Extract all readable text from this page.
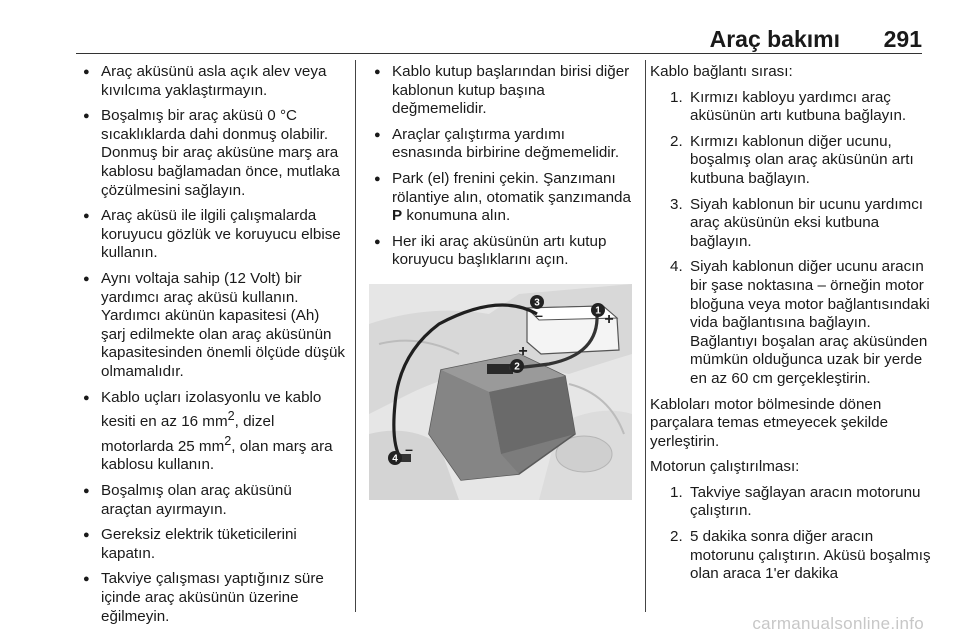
Araç bakımı 291
● Araç aküsünü asla açık alev veya kıvılcıma yaklaştırmayın.
● Boşalmış bir araç aküsü 0 °C sıcaklıklarda dahi donmuş olabilir. Donmuş bir araç aküsüne marş ara kablosu bağlamadan önce, mutlaka çözülmesini sağlayın.
● Araç aküsü ile ilgili çalışmalarda koruyucu gözlük ve koruyucu elbise kullanın.
● Aynı voltaja sahip (12 Volt) bir yardımcı araç aküsü kullanın. Yardımcı akünün kapasitesi (Ah) şarj edilmekte olan araç aküsünün kapasitesinden önemli ölçüde düşük olmamalıdır.
● Kablo uçları izolasyonlu ve kablo kesiti en az 16 $mm^2$, dizel motorlarda 25 $mm^2$, olan marş ara kablosu kullanın.
● Boşalmış olan araç aküsünü araçtan ayırmayın.
● Gereksiz elektrik tüketicilerini kapatın.
● Takviye çalışması yaptığınız süre içinde araç aküsünün üzerine eğilmeyin.
● Kablo kutup başlarından birisi diğer kablonun kutup başına değmemelidir.
● Araçlar çalıştırma yardımı esnasında birbirine değmemelidir.
● Park (el) frenini çekin. Şanzımanı rölantiye alın, otomatik şanzımanda P konumuna alın.
● Her iki araç aküsünün artı kutup koruyucu başlıklarını açın.
1
2
3
4
+
+
–
–

Kablo bağlantı sırası:

1. Kırmızı kabloyu yardımcı araç aküsünün artı kutbuna bağlayın.
2. Kırmızı kablonun diğer ucunu, boşalmış olan araç aküsünün artı kutbuna bağlayın.
3. Siyah kablonun bir ucunu yardımcı araç aküsünün eksi kutbuna bağlayın.
4. Siyah kablonun diğer ucunu aracın bir şase noktasına – örneğin motor bloğuna veya motor bağlantısındaki vida bağlantısına bağlayın. Bağlantıyı boşalan araç aküsünden mümkün olduğunca uzak bir yerde en az 60 cm gerçekleştirin.

Kabloları motor bölmesinde dönen parçalara temas etmeyecek şekilde yerleştirin.

Motorun çalıştırılması:

1. Takviye sağlayan aracın motorunu çalıştırın.
2. 5 dakika sonra diğer aracın motorunu çalıştırın. Aküsü boşalmış olan araca 1'er dakika
carmanualsonline.info
